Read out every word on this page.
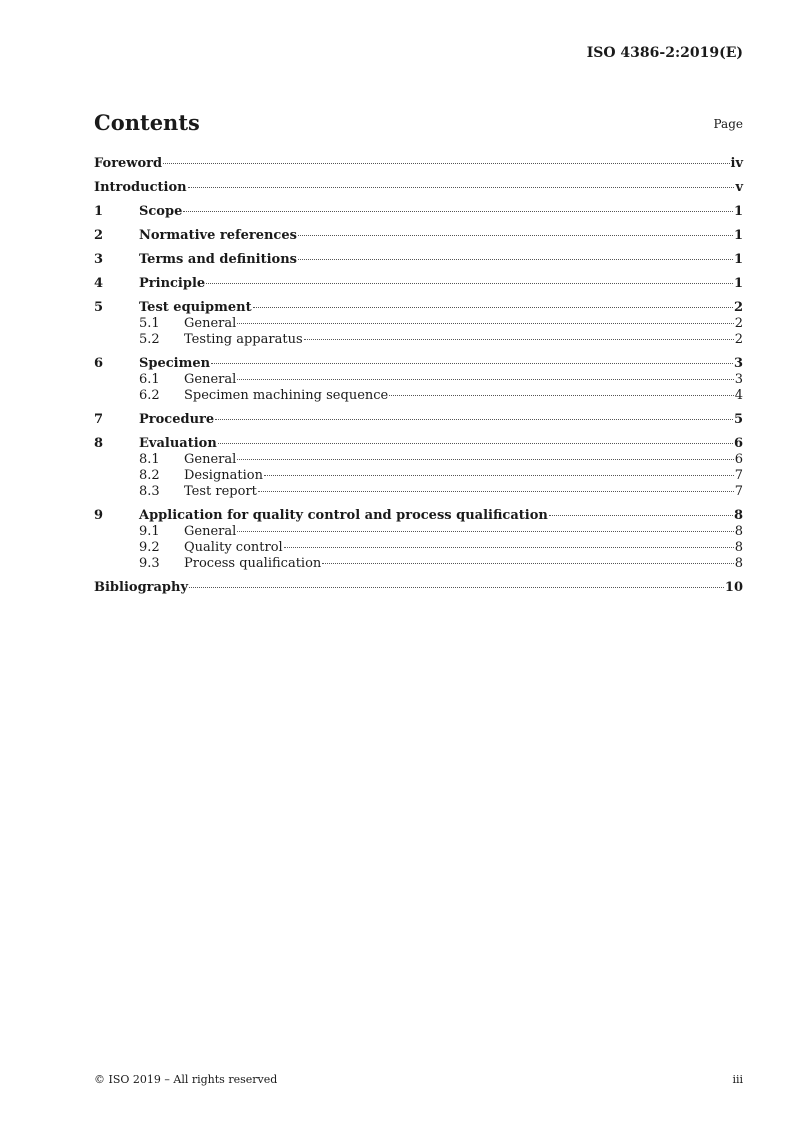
ISO 4386-2:2019(E)
Contents	Page
Foreword	iv
Introduction	v
1	Scope	1
2	Normative references	1
3	Terms and definitions	1
4	Principle	1
5	Test equipment	2
5.1	General	2
5.2	Testing apparatus	2
6	Specimen	3
6.1	General	3
6.2	Specimen machining sequence	4
7	Procedure	5
8	Evaluation	6
8.1	General	6
8.2	Designation	7
8.3	Test report	7
9	Application for quality control and process qualification	8
9.1	General	8
9.2	Quality control	8
9.3	Process qualification	8
Bibliography	10
© ISO 2019 – All rights reserved	iii
